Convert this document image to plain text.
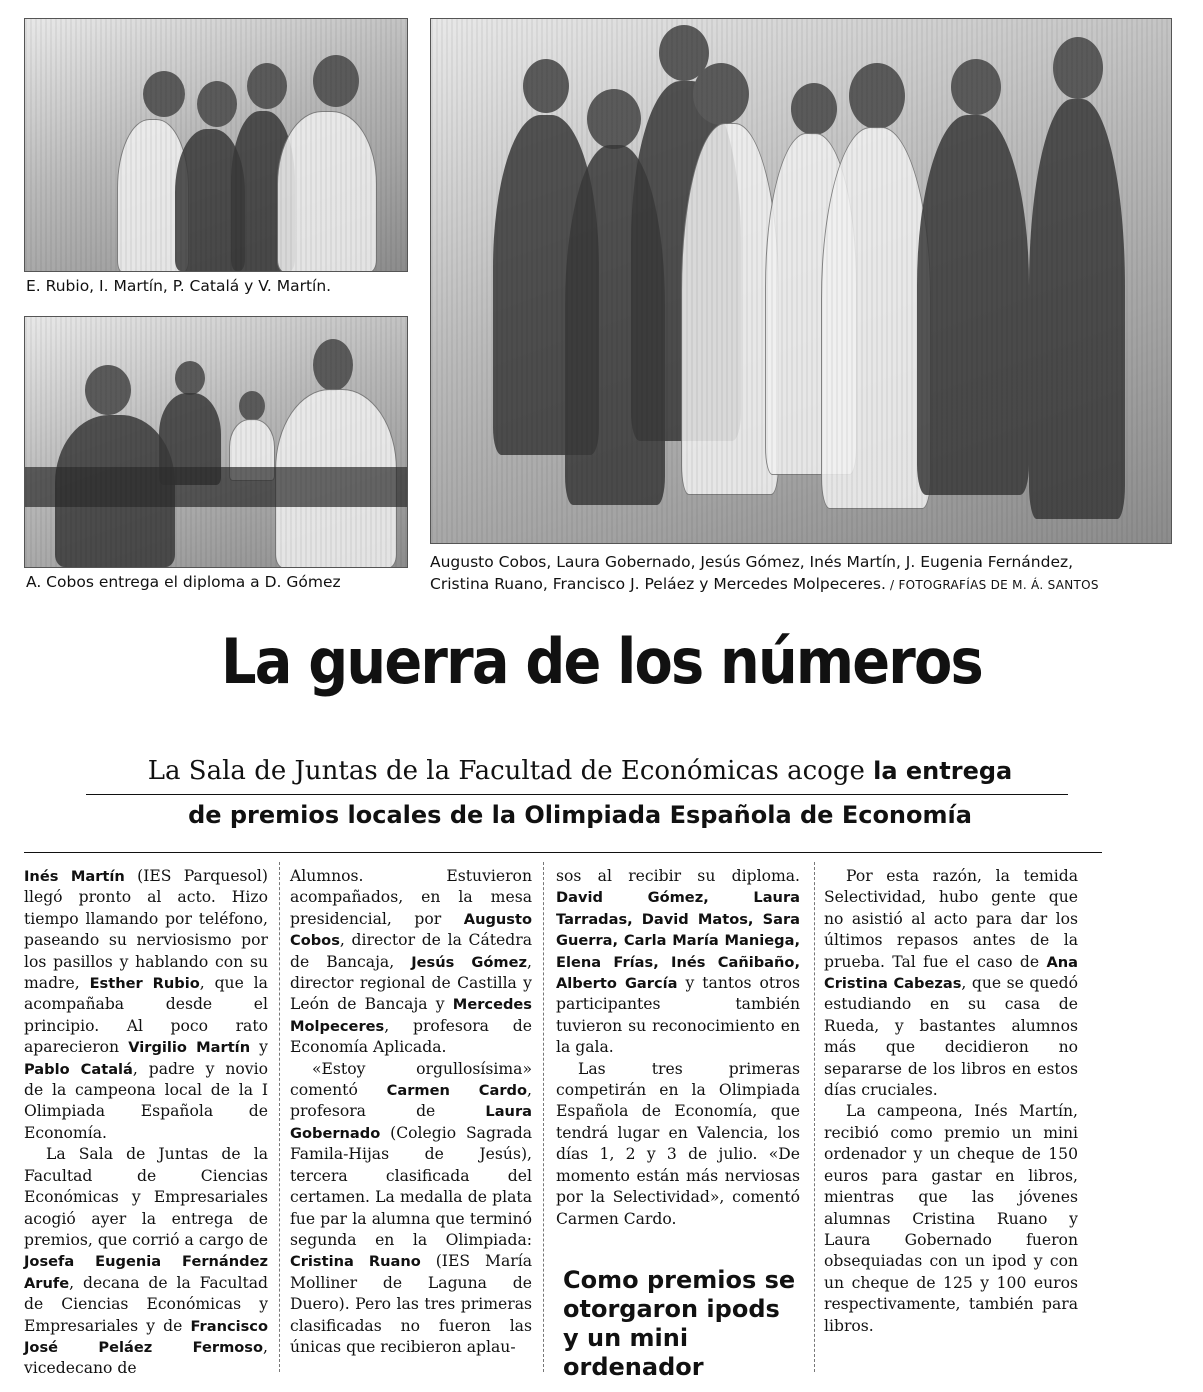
E. Rubio, I. Martín, P. Catalá y V. Martín.
A. Cobos entrega el diploma a D. Gómez
Augusto Cobos, Laura Gobernado, Jesús Gómez, Inés Martín, J. Eugenia Fernández,
Cristina Ruano, Francisco J. Peláez y Mercedes Molpeceres. / FOTOGRAFÍAS DE M. Á. SANTOS
La guerra de los números
La Sala de Juntas de la Facultad de Económicas acoge la entrega
de premios locales de la Olimpiada Española de Economía

Inés Martín (IES Parquesol) llegó pronto al acto. Hizo tiempo llamando por teléfono, paseando su nerviosismo por los pasillos y hablando con su madre, Esther Rubio, que la acompañaba desde el principio. Al poco rato aparecieron Virgilio Martín y Pablo Catalá, padre y novio de la campeona local de la I Olimpiada Española de Economía.

La Sala de Juntas de la Facultad de Ciencias Económicas y Empresariales acogió ayer la entrega de premios, que corrió a cargo de Josefa Eugenia Fernández Arufe, decana de la Facultad de Ciencias Económicas y Empresariales y de Francisco José Peláez Fermoso, vicedecano de

Alumnos. Estuvieron acompañados, en la mesa presidencial, por Augusto Cobos, director de la Cátedra de Bancaja, Jesús Gómez, director regional de Castilla y León de Bancaja y Mercedes Molpeceres, profesora de Economía Aplicada.

«Estoy orgullosísima» comentó Carmen Cardo, profesora de Laura Gobernado (Colegio Sagrada Famila-Hijas de Jesús), tercera clasificada del certamen. La medalla de plata fue par la alumna que terminó segunda en la Olimpiada: Cristina Ruano (IES María Molliner de Laguna de Duero). Pero las tres primeras clasificadas no fueron las únicas que recibieron aplau-

sos al recibir su diploma. David Gómez, Laura Tarradas, David Matos, Sara Guerra, Carla María Maniega, Elena Frías, Inés Cañibaño, Alberto García y tantos otros participantes también tuvieron su reconocimiento en la gala.

Las tres primeras competirán en la Olimpiada Española de Economía, que tendrá lugar en Valencia, los días 1, 2 y 3 de julio. «De momento están más nerviosas por la Selectividad», comentó Carmen Cardo.

Como premios se otorgaron ipods y un mini ordenador

Por esta razón, la temida Selectividad, hubo gente que no asistió al acto para dar los últimos repasos antes de la prueba. Tal fue el caso de Ana Cristina Cabezas, que se quedó estudiando en su casa de Rueda, y bastantes alumnos más que decidieron no separarse de los libros en estos días cruciales.

La campeona, Inés Martín, recibió como premio un mini ordenador y un cheque de 150 euros para gastar en libros, mientras que las jóvenes alumnas Cristina Ruano y Laura Gobernado fueron obsequiadas con un ipod y con un cheque de 125 y 100 euros respectivamente, también para libros.
